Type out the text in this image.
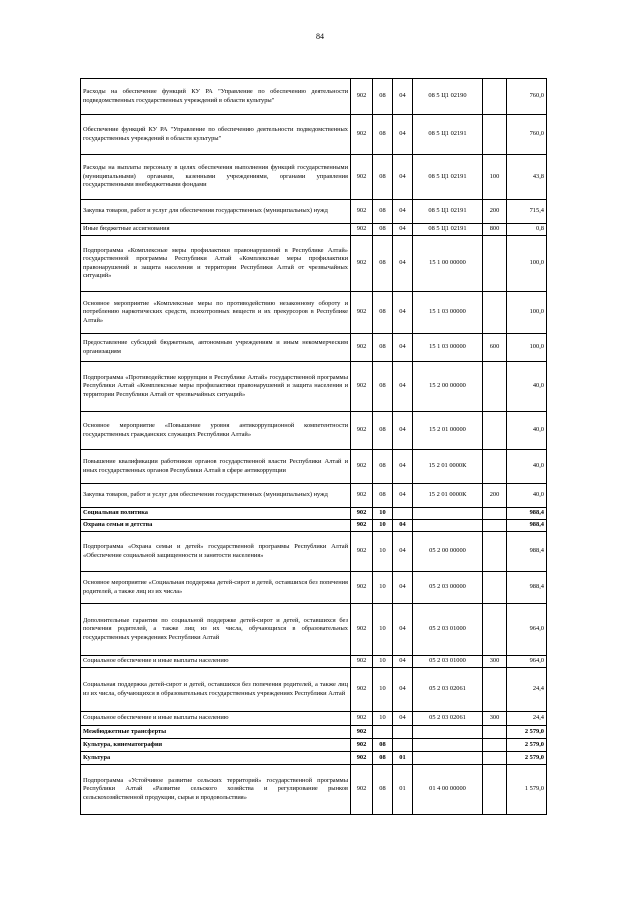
84
Расходы на обеспечение функций КУ РА "Управление по обеспечению деятельности подведомственных государственных учреждений в области культуры"	902	08	04	08 5 Ц1 02190		760,0
Обеспечение функций КУ РА "Управление по обеспечению деятельности подведомственных государственных учреждений в области культуры"	902	08	04	08 5 Ц1 02191		760,0
Расходы на выплаты персоналу в целях обеспечения выполнения функций государственными (муниципальными) органами, казенными учреждениями, органами управления государственными внебюджетными фондами	902	08	04	08 5 Ц1 02191	100	43,8
Закупка товаров, работ и услуг для обеспечения государственных (муниципальных) нужд	902	08	04	08 5 Ц1 02191	200	715,4
Иные бюджетные ассигнования	902	08	04	08 5 Ц1 02191	800	0,8
Подпрограмма «Комплексные меры профилактики правонарушений в Республике Алтай» государственной программы Республики Алтай «Комплексные меры профилактики правонарушений и защита населения и территории Республики Алтай от чрезвычайных ситуаций»	902	08	04	15 1 00 00000		100,0
Основное мероприятие «Комплексные меры по противодействию незаконному обороту и потреблению наркотических средств, психотропных веществ и их прекурсоров в Республике Алтай»	902	08	04	15 1 03 00000		100,0
Предоставление субсидий бюджетным, автономным учреждениям и иным некоммерческим организациям	902	08	04	15 1 03 00000	600	100,0
Подпрограмма «Противодействие коррупции в Республике Алтай» государственной программы Республики Алтай «Комплексные меры профилактики правонарушений и защита населения и территории Республики Алтай от чрезвычайных ситуаций»	902	08	04	15 2 00 00000		40,0
Основное мероприятие «Повышение уровня антикоррупционной компетентности государственных гражданских служащих Республики Алтай»	902	08	04	15 2 01 00000		40,0
Повышение квалификации работников органов государственной власти Республики Алтай и иных государственных органов Республики Алтай в сфере антикоррупции	902	08	04	15 2 01 0000К		40,0
Закупка товаров, работ и услуг для обеспечения государственных (муниципальных) нужд	902	08	04	15 2 01 0000К	200	40,0
Социальная политика	902	10				988,4
Охрана семьи и детства	902	10	04			988,4
Подпрограмма «Охрана семьи и детей» государственной программы Республики Алтай «Обеспечение социальной защищенности и занятости населения»	902	10	04	05 2 00 00000		988,4
Основное мероприятие «Социальная поддержка детей-сирот и детей, оставшихся без попечения родителей, а также лиц из их числа»	902	10	04	05 2 03 00000		988,4
Дополнительные гарантии по социальной поддержке детей-сирот и детей, оставшихся без попечения родителей, а также лиц из их числа, обучающихся в образовательных государственных учреждениях Республики Алтай	902	10	04	05 2 03 01000		964,0
Социальное обеспечение и иные выплаты населению	902	10	04	05 2 03 01000	300	964,0
Социальная поддержка детей-сирот и детей, оставшихся без попечения родителей, а также лиц из их числа, обучающихся в образовательных государственных учреждениях Республики Алтай	902	10	04	05 2 03 02061		24,4
Социальное обеспечение и иные выплаты населению	902	10	04	05 2 03 02061	300	24,4
Межбюджетные трансферты	902					2 579,0
Культура, кинематография	902	08				2 579,0
Культура	902	08	01			2 579,0
Подпрограмма «Устойчивое развитие сельских территорий» государственной программы Республики Алтай «Развитие сельского хозяйства и регулирование рынков сельскохозяйственной продукции, сырья и продовольствия»	902	08	01	01 4 00 00000		1 579,0
